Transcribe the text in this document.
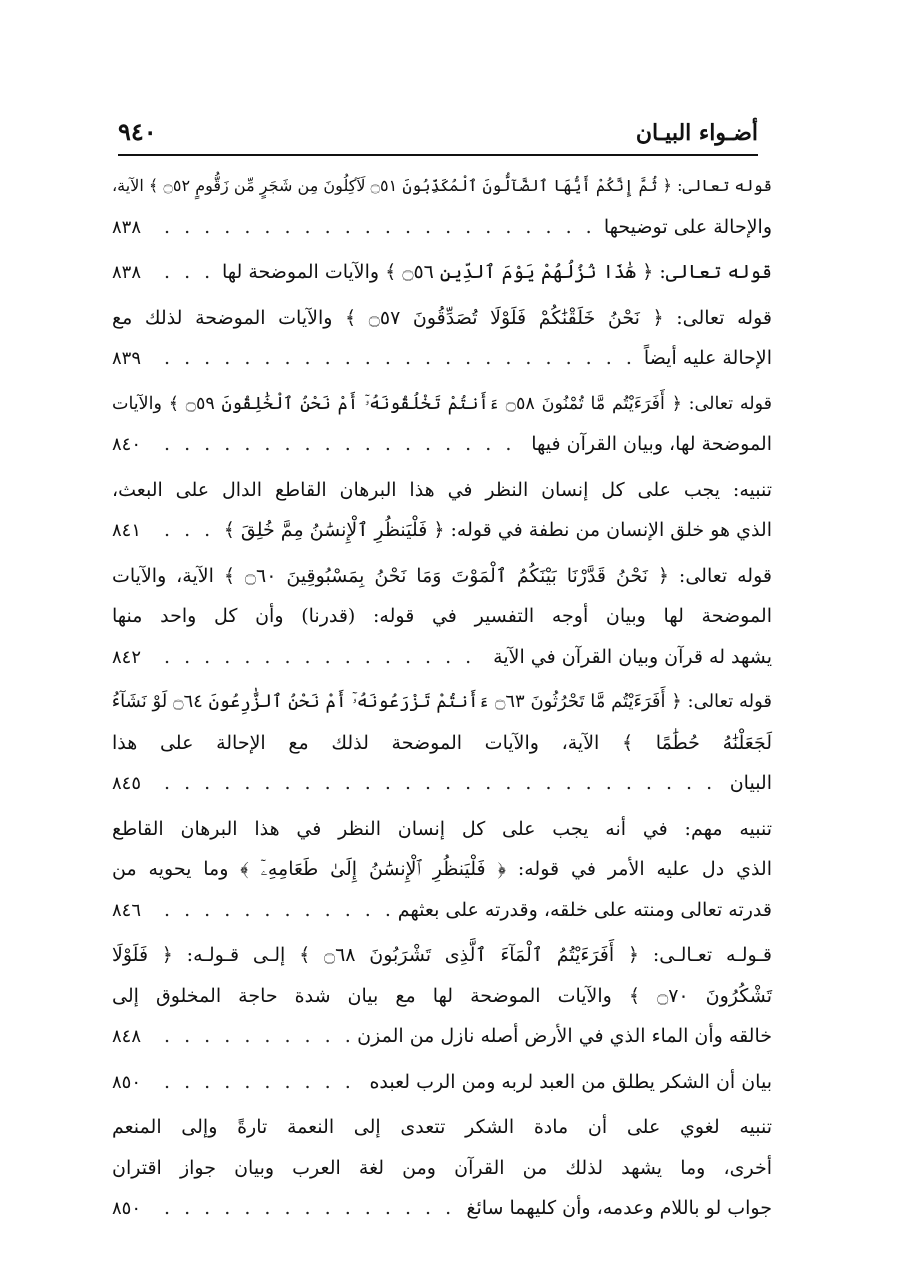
أضـواء البيـان
٩٤٠
قوله تعالى: ﴿ ثُمَّ إِنَّكُمْ أَيُّهَا ٱلضَّآلُّونَ ٱلْمُكَذِّبُونَ ۝٥١ لَآكِلُونَ مِن شَجَرٍ مِّن زَقُّومٍ ۝٥٢ ﴾ الآية،
والإحالة على توضيحها
. . .
٨٣٨
قوله تعالى: ﴿ هَٰذَا نُزُلُهُمْ يَوْمَ ٱلدِّينِ ۝٥٦ ﴾ والآيات الموضحة لها
. . .
٨٣٨
قوله تعالى: ﴿ نَحْنُ خَلَقْنَٰكُمْ فَلَوْلَا تُصَدِّقُونَ ۝٥٧ ﴾ والآيات الموضحة لذلك مع
الإحالة عليه أيضاً
. . .
٨٣٩
قوله تعالى: ﴿ أَفَرَءَيْتُم مَّا تُمْنُونَ ۝٥٨ ءَأَنتُمْ تَخْلُقُونَهُۥٓ أَمْ نَحْنُ ٱلْخَٰلِقُونَ ۝٥٩ ﴾ والآيات
الموضحة لها، وبيان القرآن فيها
. . .
٨٤٠
تنبيه: يجب على كل إنسان النظر في هذا البرهان القاطع الدال على البعث،
الذي هو خلق الإنسان من نطفة في قوله: ﴿ فَلْيَنظُرِ ٱلْإِنسَٰنُ مِمَّ خُلِقَ ﴾
. . .
٨٤١
قوله تعالى: ﴿ نَحْنُ قَدَّرْنَا بَيْنَكُمُ ٱلْمَوْتَ وَمَا نَحْنُ بِمَسْبُوقِينَ ۝٦٠ ﴾ الآية، والآيات
الموضحة لها وبيان أوجه التفسير في قوله: (قدرنا) وأن كل واحد منها
يشهد له قرآن وبيان القرآن في الآية
. . .
٨٤٢
قوله تعالى: ﴿ أَفَرَءَيْتُم مَّا تَحْرُثُونَ ۝٦٣ ءَأَنتُمْ تَزْرَعُونَهُۥٓ أَمْ نَحْنُ ٱلزَّٰرِعُونَ ۝٦٤ لَوْ نَشَآءُ
لَجَعَلْنَٰهُ حُطَٰمًا ﴾ الآية، والآيات الموضحة لذلك مع الإحالة على هذا
البيان
. . .
٨٤٥
تنبيه مهم: في أنه يجب على كل إنسان النظر في هذا البرهان القاطع
الذي دل عليه الأمر في قوله: ﴿ فَلْيَنظُرِ ٱلْإِنسَٰنُ إِلَىٰ طَعَامِهِۦٓ ﴾ وما يحويه من
قدرته تعالى ومنته على خلقه، وقدرته على بعثهم
. . .
٨٤٦
قـولـه تعـالـى: ﴿ أَفَرَءَيْتُمُ ٱلْمَآءَ ٱلَّذِى تَشْرَبُونَ ۝٦٨ ﴾ إلـى قـولـه: ﴿ فَلَوْلَا
تَشْكُرُونَ ۝٧٠ ﴾ والآيات الموضحة لها مع بيان شدة حاجة المخلوق إلى
خالقه وأن الماء الذي في الأرض أصله نازل من المزن
. . .
٨٤٨
بيان أن الشكر يطلق من العبد لربه ومن الرب لعبده
. . .
٨٥٠
تنبيه لغوي على أن مادة الشكر تتعدى إلى النعمة تارةً وإلى المنعم
أخرى، وما يشهد لذلك من القرآن ومن لغة العرب وبيان جواز اقتران
جواب لو باللام وعدمه، وأن كليهما سائغ
. . .
٨٥٠
